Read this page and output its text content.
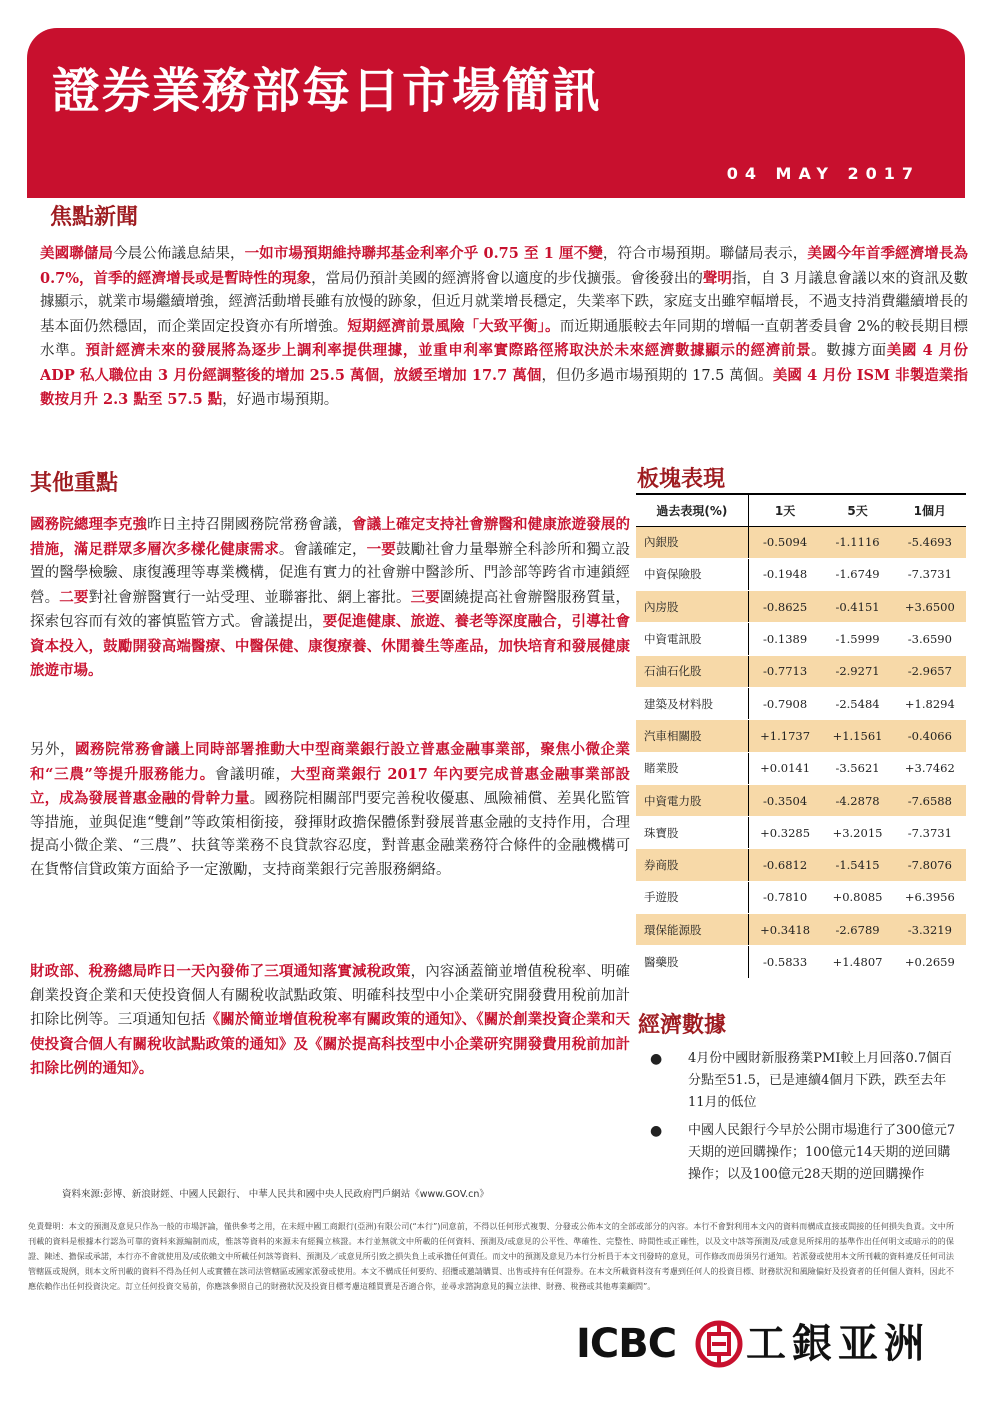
證券業務部每日市場簡訊
04 MAY 2017
焦點新聞
美國聯儲局今晨公佈議息結果，一如市場預期維持聯邦基金利率介乎 0.75 至 1 厘不變，符合市場預期。聯儲局表示，美國今年首季經濟增長為 0.7%，首季的經濟增長或是暫時性的現象，當局仍預計美國的經濟將會以適度的步伐擴張。會後發出的聲明指，自 3 月議息會議以來的資訊及數據顯示，就業市場繼續增強，經濟活動增長雖有放慢的跡象，但近月就業增長穩定，失業率下跌，家庭支出雖窄幅增長，不過支持消費繼續增長的基本面仍然穩固，而企業固定投資亦有所增強。短期經濟前景風險「大致平衡」。而近期通脹較去年同期的增幅一直朝著委員會 2%的較長期目標水準。預計經濟未來的發展將為逐步上調利率提供理據，並重申利率實際路徑將取決於未來經濟數據顯示的經濟前景。數據方面美國 4 月份 ADP 私人職位由 3 月份經調整後的增加 25.5 萬個，放緩至增加 17.7 萬個，但仍多過市場預期的 17.5 萬個。美國 4 月份 ISM 非製造業指數按月升 2.3 點至 57.5 點，好過市場預期。
其他重點
國務院總理李克強昨日主持召開國務院常務會議，會議上確定支持社會辦醫和健康旅遊發展的措施，滿足群眾多層次多樣化健康需求。會議確定，一要鼓勵社會力量舉辦全科診所和獨立設置的醫學檢驗、康復護理等專業機構，促進有實力的社會辦中醫診所、門診部等跨省市連鎖經營。二要對社會辦醫實行一站受理、並聯審批、網上審批。三要圍繞提高社會辦醫服務質量，探索包容而有效的審慎監管方式。會議提出，要促進健康、旅遊、養老等深度融合，引導社會資本投入，鼓勵開發高端醫療、中醫保健、康復療養、休閒養生等產品，加快培育和發展健康旅遊市場。
另外，國務院常務會議上同時部署推動大中型商業銀行設立普惠金融事業部，聚焦小微企業和“三農”等提升服務能力。會議明確，大型商業銀行 2017 年內要完成普惠金融事業部設立，成為發展普惠金融的骨幹力量。國務院相關部門要完善稅收優惠、風險補償、差異化監管等措施，並與促進“雙創”等政策相銜接，發揮財政擔保體係對發展普惠金融的支持作用，合理提高小微企業、“三農”、扶貧等業務不良貸款容忍度，對普惠金融業務符合條件的金融機構可在貨幣信貸政策方面給予一定激勵，支持商業銀行完善服務網絡。
財政部、稅務總局昨日一天內發佈了三項通知落實減稅政策，內容涵蓋簡並增值稅稅率、明確創業投資企業和天使投資個人有關稅收試點政策、明確科技型中小企業研究開發費用稅前加計扣除比例等。三項通知包括《關於簡並增值稅稅率有關政策的通知》、《關於創業投資企業和天使投資合個人有關稅收試點政策的通知》及《關於提高科技型中小企業研究開發費用稅前加計扣除比例的通知》。
板塊表現
過去表現(%)	1天	5天	1個月
內銀股	-0.5094	-1.1116	-5.4693
中資保險股	-0.1948	-1.6749	-7.3731
內房股	-0.8625	-0.4151	+3.6500
中資電訊股	-0.1389	-1.5999	-3.6590
石油石化股	-0.7713	-2.9271	-2.9657
建築及材料股	-0.7908	-2.5484	+1.8294
汽車相關股	+1.1737	+1.1561	-0.4066
賭業股	+0.0141	-3.5621	+3.7462
中資電力股	-0.3504	-4.2878	-7.6588
珠寶股	+0.3285	+3.2015	-7.3731
券商股	-0.6812	-1.5415	-7.8076
手遊股	-0.7810	+0.8085	+6.3956
環保能源股	+0.3418	-2.6789	-3.3219
醫藥股	-0.5833	+1.4807	+0.2659
經濟數據
● 4月份中國財新服務業PMI較上月回落0.7個百分點至51.5，已是連續4個月下跌，跌至去年11月的低位
● 中國人民銀行今早於公開市場進行了300億元7天期的逆回購操作；100億元14天期的逆回購操作；以及100億元28天期的逆回購操作
資料來源:彭博、新浪財經、中國人民銀行、 中華人民共和國中央人民政府門戶網站《www.GOV.cn》
免責聲明：本文的預測及意見只作為一般的市場評論，僅供參考之用，在未經中國工商銀行(亞洲)有限公司(“本行”)同意前，不得以任何形式複製、分發或公佈本文的全部或部分的內容。本行不會對利用本文內的資料而構成直接或間接的任何損失負責。文中所刊載的資料是根據本行認為可靠的資料來源編制而成，惟該等資料的來源未有經獨立核證。本行並無就文中所載的任何資料、預測及/或意見的公平性、準確性、完整性、時間性或正確性，以及文中該等預測及/或意見所採用的基準作出任何明文或暗示的的保證、陳述、擔保或承諾，本行亦不會就使用及/或依賴文中所載任何該等資料、預測及／或意見所引致之損失負上或承擔任何責任。而文中的預測及意見乃本行分析員于本文刊發時的意見，可作修改而毋須另行通知。若派發或使用本文所刊載的資料違反任何司法管轄區或規例，則本文所刊載的資料不得為任何人或實體在該司法管轄區或國家派發或使用。本文不構成任何要約、招攬或邀請購買、出售或持有任何證券。在本文所載資料沒有考慮到任何人的投資目標、財務狀況和風險偏好及投資者的任何個人資料，因此不應依賴作出任何投資決定。訂立任何投資交易前，你應該參照自己的財務狀況及投資目標考慮這種買賣是否適合你，並尋求諮詢意見的獨立法律、財務、稅務或其他專業顧問”。
ICBC 工銀亚洲
